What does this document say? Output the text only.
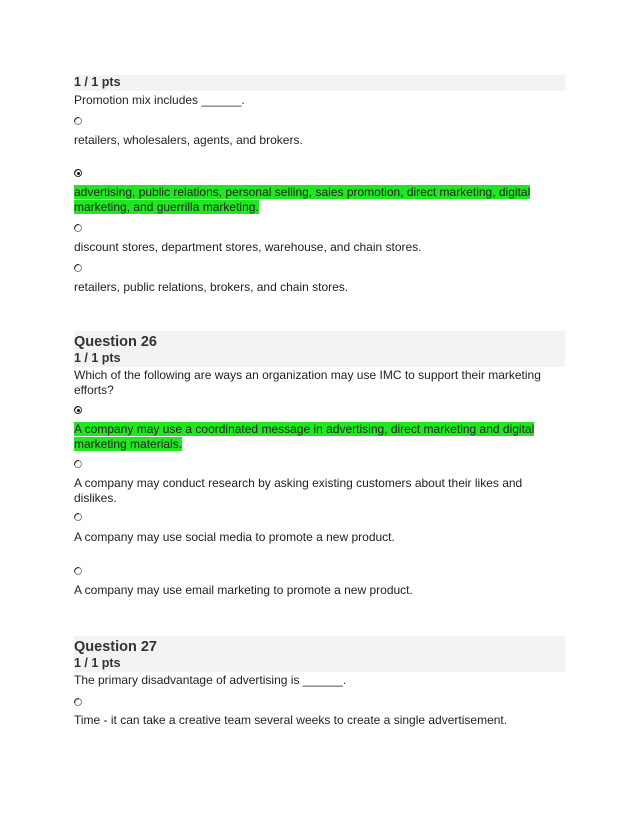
1 / 1 pts
Promotion mix includes ______.
retailers, wholesalers, agents, and brokers.
advertising, public relations, personal selling, sales promotion, direct marketing, digital marketing, and guerrilla marketing.
discount stores, department stores, warehouse, and chain stores.
retailers, public relations, brokers, and chain stores.
Question 26
1 / 1 pts
Which of the following are ways an organization may use IMC to support their marketing efforts?
A company may use a coordinated message in advertising, direct marketing and digital marketing materials.
A company may conduct research by asking existing customers about their likes and dislikes.
A company may use social media to promote a new product.
A company may use email marketing to promote a new product.
Question 27
1 / 1 pts
The primary disadvantage of advertising is ______.
Time - it can take a creative team several weeks to create a single advertisement.
